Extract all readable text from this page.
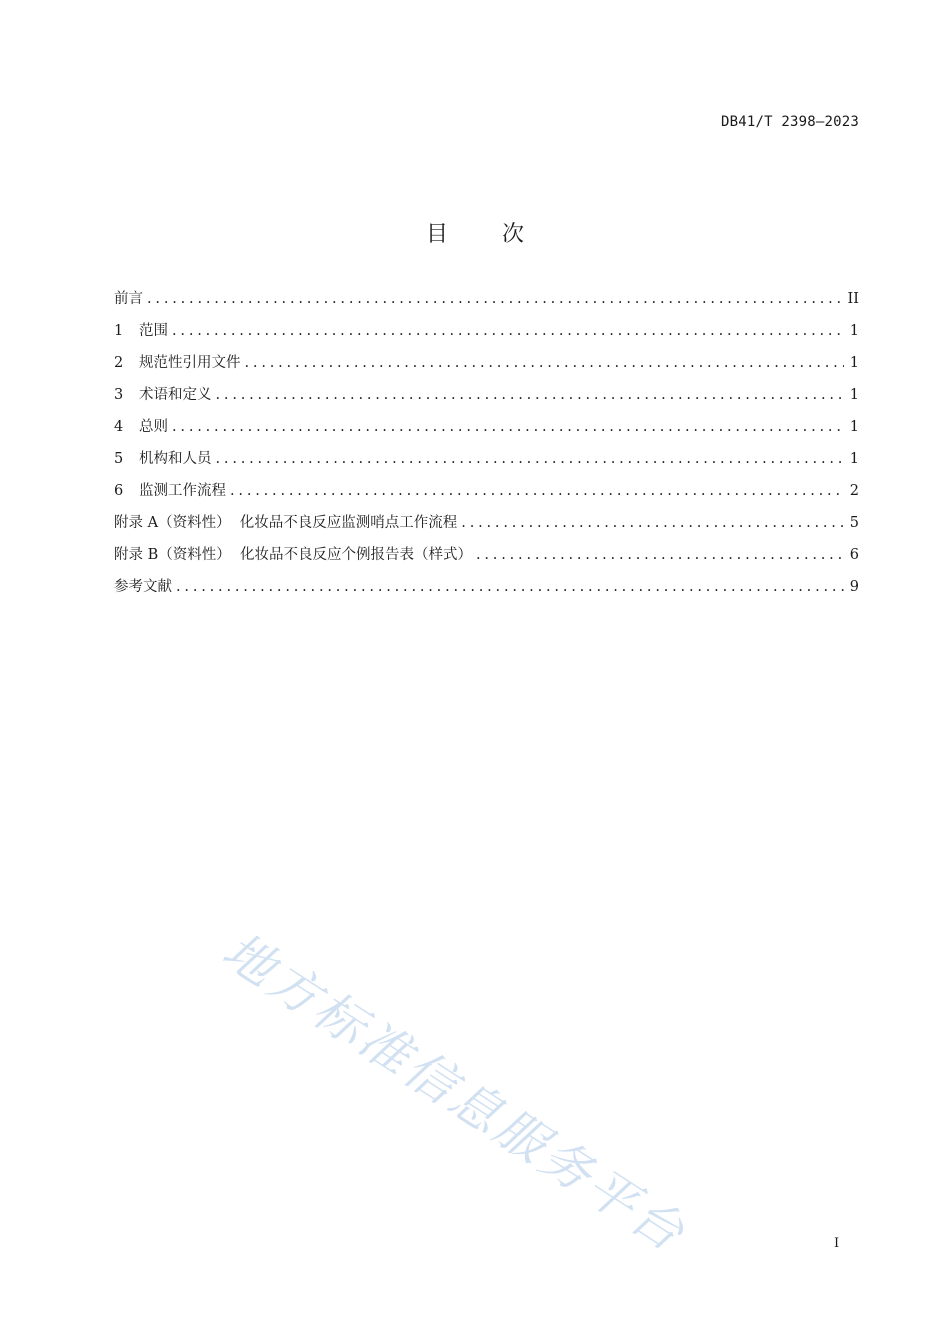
DB41/T 2398—2023
目 次
前言 .....	II
1	范围 .....	1
2	规范性引用文件 .....	1
3	术语和定义 .....	1
4	总则 .....	1
5	机构和人员 .....	1
6	监测工作流程 .....	2
附录 A（资料性）  化妆品不良反应监测哨点工作流程 .....	5
附录 B（资料性）  化妆品不良反应个例报告表（样式） .....	6
参考文献 .....	9
地方标准信息服务平台	I
